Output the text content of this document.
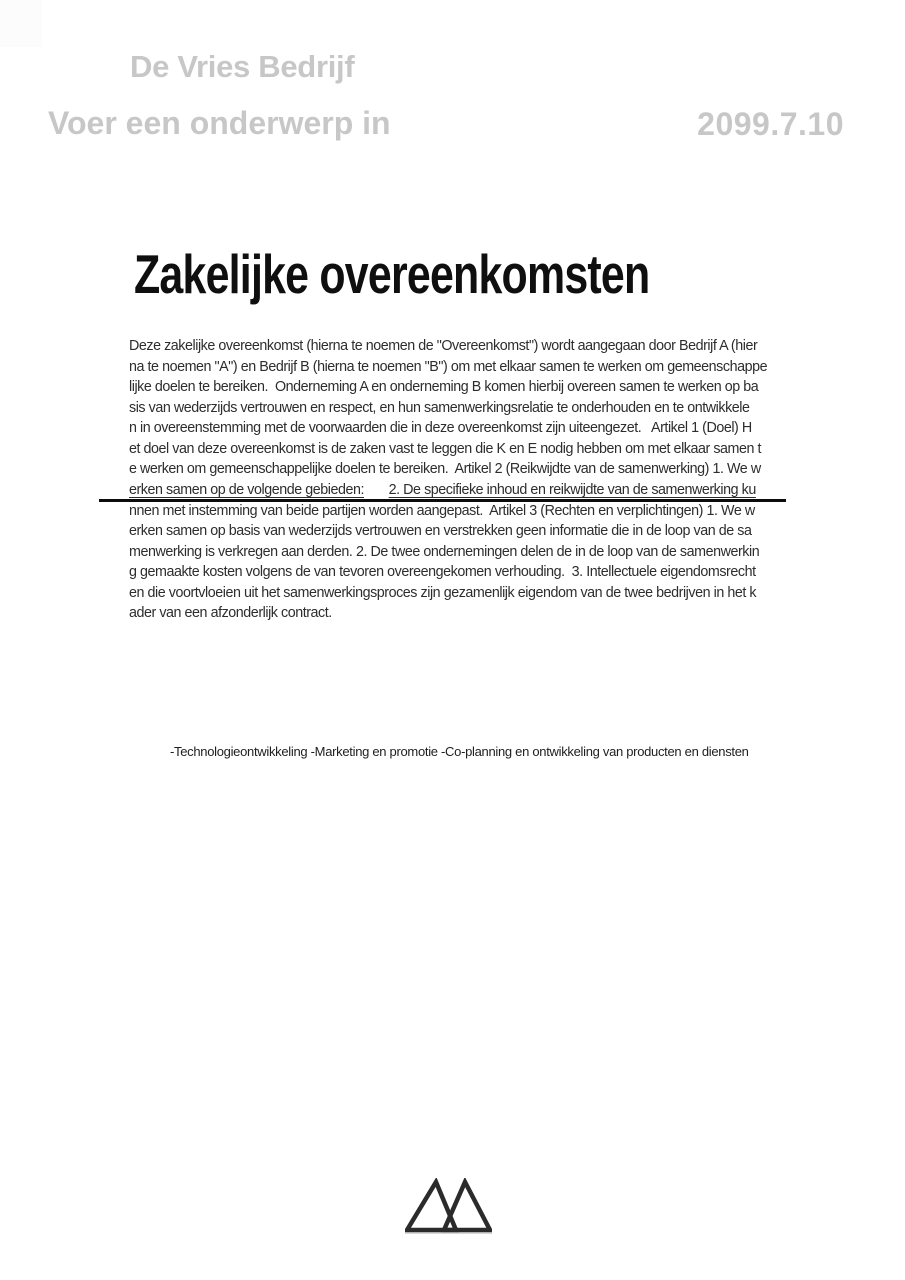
De Vries Bedrijf
Voer een onderwerp in	2099.7.10
Zakelijke overeenkomsten
Deze zakelijke overeenkomst (hierna te noemen de "Overeenkomst") wordt aangegaan door Bedrijf A (hier
na te noemen "A") en Bedrijf B (hierna te noemen "B") om met elkaar samen te werken om gemeenschappe
lijke doelen te bereiken.  Onderneming A en onderneming B komen hierbij overeen samen te werken op ba
sis van wederzijds vertrouwen en respect, en hun samenwerkingsrelatie te onderhouden en te ontwikkele
n in overeenstemming met de voorwaarden die in deze overeenkomst zijn uiteengezet.   Artikel 1 (Doel) H
et doel van deze overeenkomst is de zaken vast te leggen die K en E nodig hebben om met elkaar samen t
e werken om gemeenschappelijke doelen te bereiken.  Artikel 2 (Reikwijdte van de samenwerking) 1. We w
erken samen op de volgende gebieden: 2. De specifieke inhoud en reikwijdte van de samenwerking ku
nnen met instemming van beide partijen worden aangepast.  Artikel 3 (Rechten en verplichtingen) 1. We w
erken samen op basis van wederzijds vertrouwen en verstrekken geen informatie die in de loop van de sa
menwerking is verkregen aan derden. 2. De twee ondernemingen delen de in de loop van de samenwerkin
g gemaakte kosten volgens de van tevoren overeengekomen verhouding.  3. Intellectuele eigendomsrecht
en die voortvloeien uit het samenwerkingsproces zijn gezamenlijk eigendom van de twee bedrijven in het k
ader van een afzonderlijk contract.
-Technologieontwikkeling -Marketing en promotie -Co-planning en ontwikkeling van producten en diensten
